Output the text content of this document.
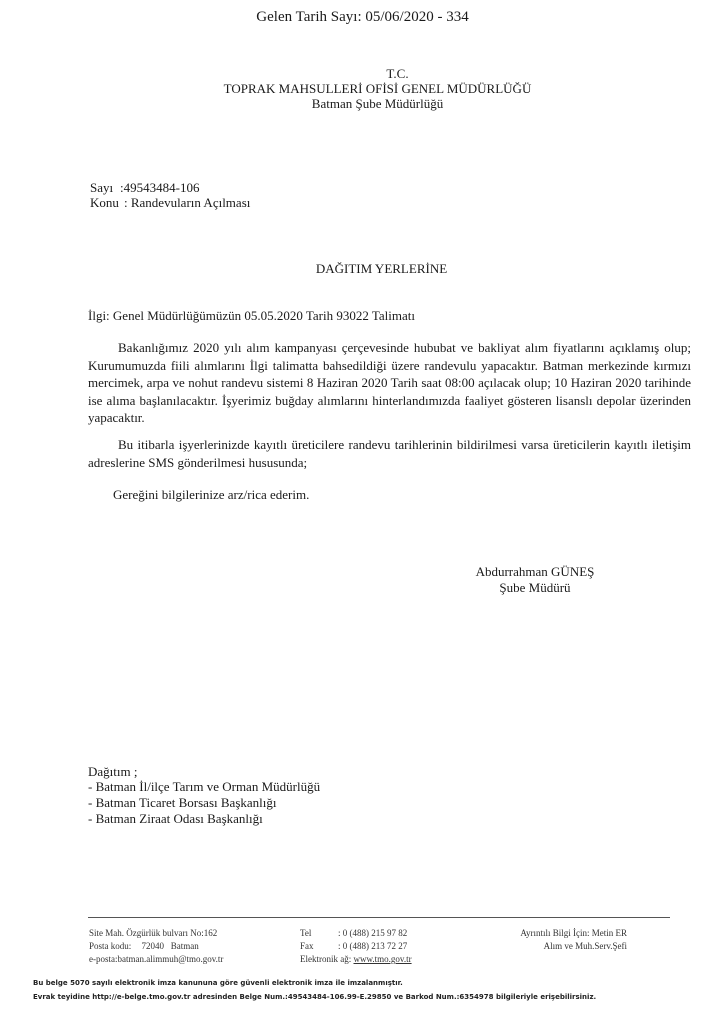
Gelen Tarih Sayı: 05/06/2020 - 334
T.C.
TOPRAK MAHSULLERİ OFİSİ GENEL MÜDÜRLÜĞÜ
Batman Şube Müdürlüğü
Sayı :49543484-106
Konu : Randevuların Açılması
DAĞITIM YERLERİNE
İlgi: Genel Müdürlüğümüzün 05.05.2020 Tarih 93022 Talimatı
Bakanlığımız 2020 yılı alım kampanyası çerçevesinde hububat ve bakliyat alım fiyatlarını açıklamış olup; Kurumumuzda fiili alımlarını İlgi talimatta bahsedildiği üzere randevulu yapacaktır. Batman merkezinde kırmızı mercimek, arpa ve nohut randevu sistemi 8 Haziran 2020 Tarih saat 08:00 açılacak olup; 10 Haziran 2020 tarihinde ise alıma başlanılacaktır. İşyerimiz buğday alımlarını hinterlandımızda faaliyet gösteren lisanslı depolar üzerinden yapacaktır.
Bu itibarla işyerlerinizde kayıtlı üreticilere randevu tarihlerinin bildirilmesi varsa üreticilerin kayıtlı iletişim adreslerine SMS gönderilmesi hususunda;
Gereğini bilgilerinize arz/rica ederim.
Abdurrahman GÜNEŞ
Şube Müdürü
Dağıtım ;
- Batman İl/ilçe Tarım ve Orman Müdürlüğü
- Batman Ticaret Borsası Başkanlığı
- Batman Ziraat Odası Başkanlığı
Site Mah. Özgürlük bulvarı No:162
Posta kodu: 72040   Batman
e-posta:batman.alimmuh@tmo.gov.tr
Tel	: 0 (488) 215 97 82
Fax	: 0 (488) 213 72 27
Elektronik ağ: www.tmo.gov.tr
Ayrıntılı Bilgi İçin: Metin ER
Alım ve Muh.Serv.Şefi
Bu belge 5070 sayılı elektronik imza kanununa göre güvenli elektronik imza ile imzalanmıştır.
Evrak teyidine http://e-belge.tmo.gov.tr adresinden Belge Num.:49543484-106.99-E.29850 ve Barkod Num.:6354978 bilgileriyle erişebilirsiniz.
